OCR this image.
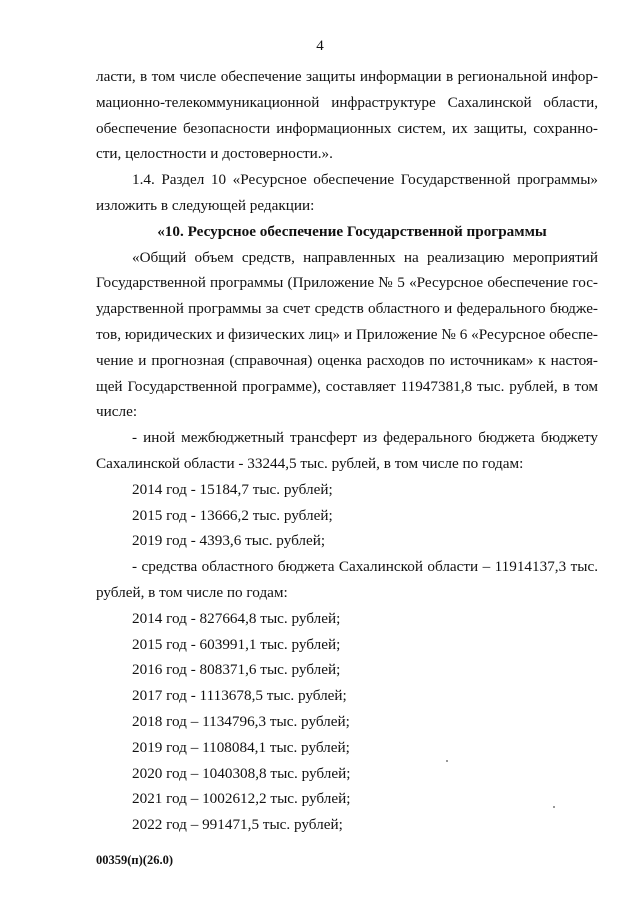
4

ласти, в том числе обеспечение защиты информации в региональной инфор-

мационно-телекоммуникационной инфраструктуре Сахалинской области,

обеспечение безопасности информационных систем, их защиты, сохранно-

сти, целостности и достоверности.».

1.4. Раздел 10 «Ресурсное обеспечение Государственной программы»

изложить в следующей редакции:

«10. Ресурсное обеспечение Государственной программы

«Общий объем средств, направленных на реализацию мероприятий

Государственной программы (Приложение № 5 «Ресурсное обеспечение гос-

ударственной программы за счет средств областного и федерального бюдже-

тов, юридических и физических лиц» и Приложение № 6 «Ресурсное обеспе-

чение и прогнозная (справочная) оценка расходов по источникам» к настоя-

щей Государственной программе), составляет 11947381,8 тыс. рублей, в том

числе:

- иной межбюджетный трансферт из федерального бюджета бюджету

Сахалинской области - 33244,5 тыс. рублей, в том числе по годам:

2014 год - 15184,7 тыс. рублей;

2015 год - 13666,2 тыс. рублей;

2019 год - 4393,6 тыс. рублей;

- средства областного бюджета Сахалинской области – 11914137,3 тыс.

рублей, в том числе по годам:

2014 год - 827664,8 тыс. рублей;

2015 год - 603991,1 тыс. рублей;

2016 год - 808371,6 тыс. рублей;

2017 год - 1113678,5 тыс. рублей;

2018 год – 1134796,3 тыс. рублей;

2019 год – 1108084,1 тыс. рублей;

2020 год – 1040308,8 тыс. рублей;

2021 год – 1002612,2 тыс. рублей;

2022 год – 991471,5 тыс. рублей;

00359(п)(26.0)
